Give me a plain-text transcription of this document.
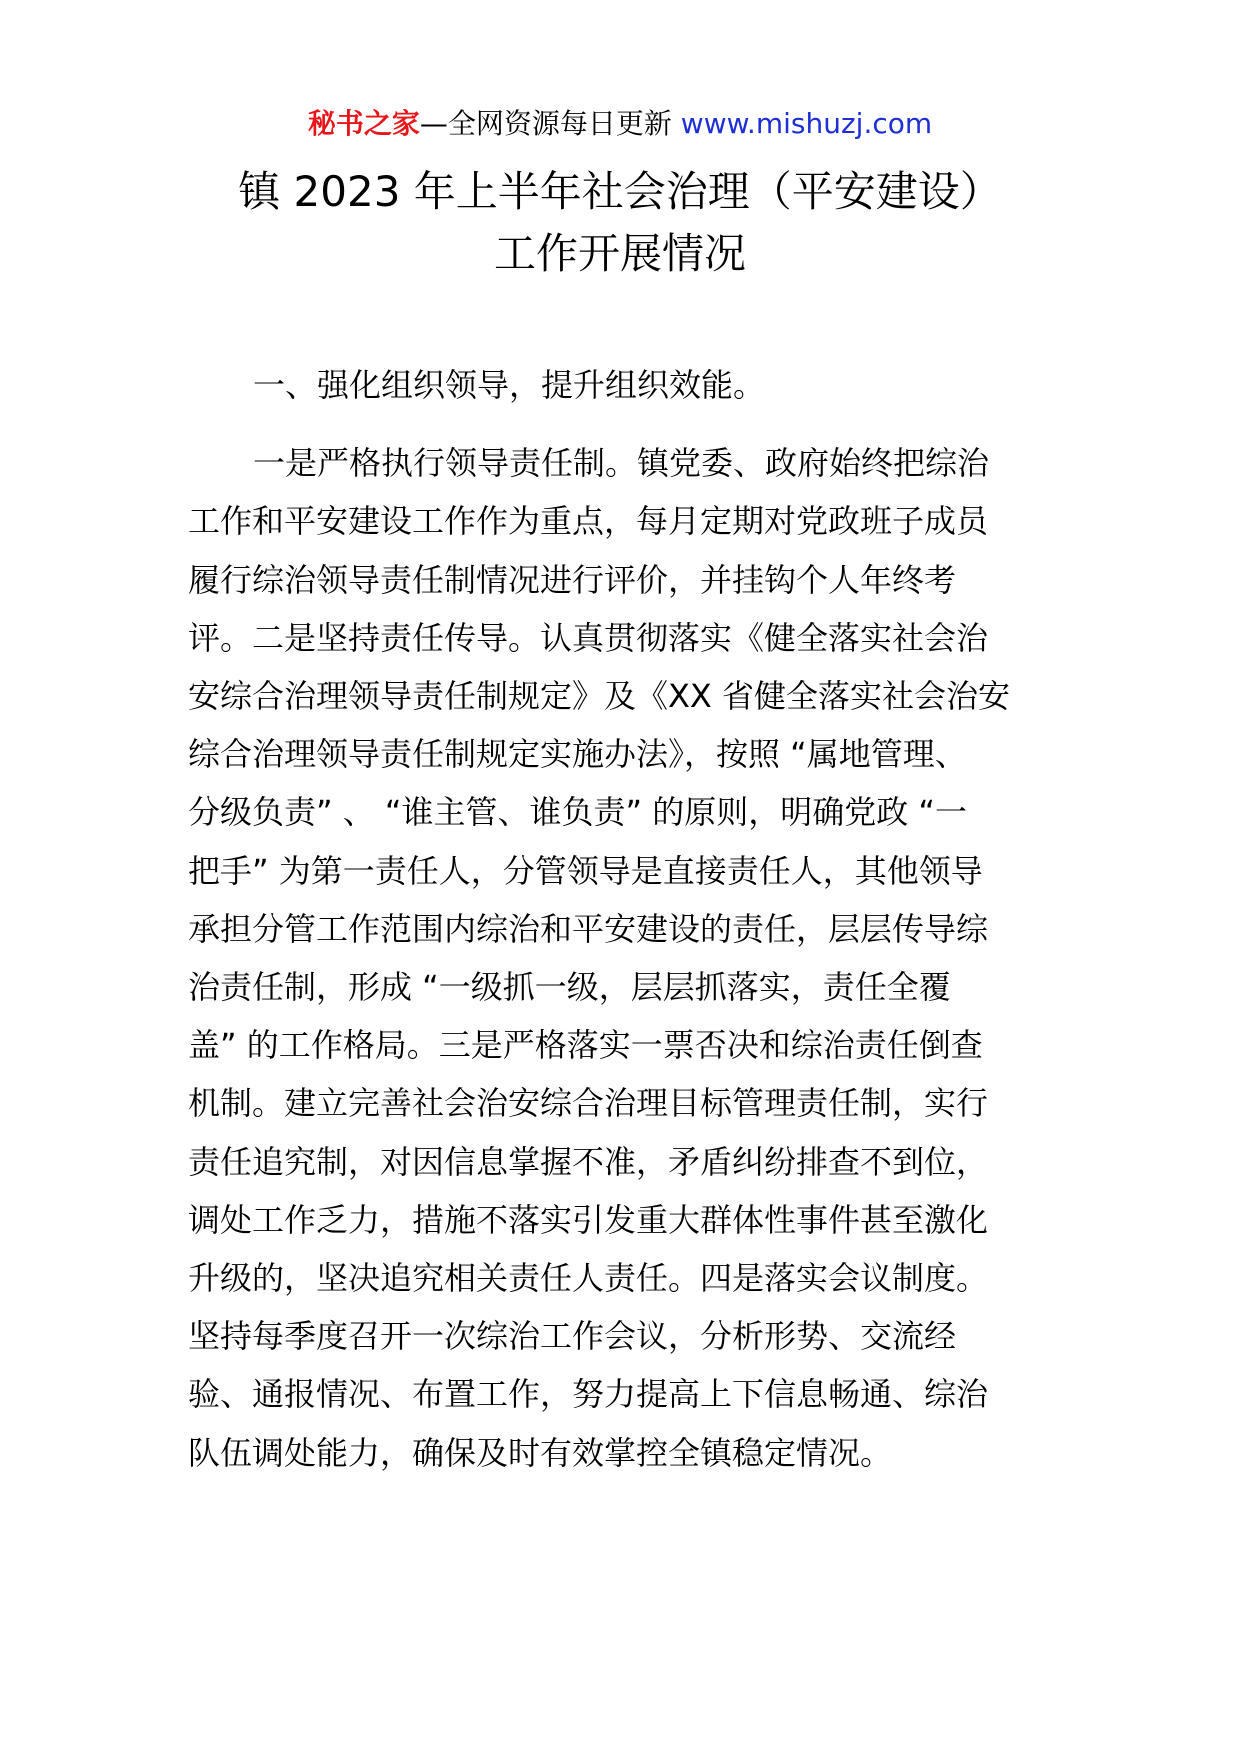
秘书之家—全网资源每日更新 www.mishuzj.com
镇 2023 年上半年社会治理（平安建设）
工作开展情况
一、强化组织领导，提升组织效能。
一是严格执行领导责任制。镇党委、政府始终把综治
工作和平安建设工作作为重点，每月定期对党政班子成员
履行综治领导责任制情况进行评价，并挂钩个人年终考
评。二是坚持责任传导。认真贯彻落实《健全落实社会治
安综合治理领导责任制规定》及《XX 省健全落实社会治安
综合治理领导责任制规定实施办法》，按照 “属地管理、
分级负责” 、 “谁主管、谁负责” 的原则，明确党政 “一
把手” 为第一责任人，分管领导是直接责任人，其他领导
承担分管工作范围内综治和平安建设的责任，层层传导综
治责任制，形成 “一级抓一级，层层抓落实，责任全覆
盖” 的工作格局。三是严格落实一票否决和综治责任倒查
机制。建立完善社会治安综合治理目标管理责任制，实行
责任追究制，对因信息掌握不准，矛盾纠纷排查不到位，
调处工作乏力，措施不落实引发重大群体性事件甚至激化
升级的，坚决追究相关责任人责任。四是落实会议制度。
坚持每季度召开一次综治工作会议，分析形势、交流经
验、通报情况、布置工作，努力提高上下信息畅通、综治
队伍调处能力，确保及时有效掌控全镇稳定情况。
